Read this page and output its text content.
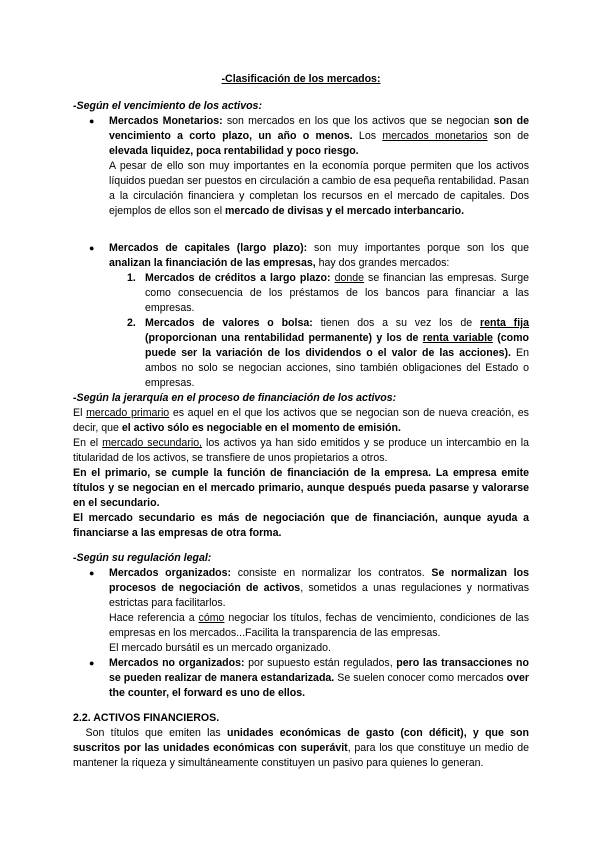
-Clasificación de los mercados:

-Según el vencimiento de los activos:

● Mercados Monetarios: son mercados en los que los activos que se negocian son de vencimiento a corto plazo, un año o menos. Los mercados monetarios son de elevada liquidez, poca rentabilidad y poco riesgo.

A pesar de ello son muy importantes en la economía porque permiten que los activos líquidos puedan ser puestos en circulación a cambio de esa pequeña rentabilidad. Pasan a la circulación financiera y completan los recursos en el mercado de capitales. Dos ejemplos de ellos son el mercado de divisas y el mercado interbancario.

● Mercados de capitales (largo plazo): son muy importantes porque son los que analizan la financiación de las empresas, hay dos grandes mercados:

1. Mercados de créditos a largo plazo: donde se financian las empresas. Surge como consecuencia de los préstamos de los bancos para financiar a las empresas.

2. Mercados de valores o bolsa: tienen dos a su vez los de renta fija (proporcionan una rentabilidad permanente) y los de renta variable (como puede ser la variación de los dividendos o el valor de las acciones). En ambos no solo se negocian acciones, sino también obligaciones del Estado o empresas.

-Según la jerarquía en el proceso de financiación de los activos:

El mercado primario es aquel en el que los activos que se negocian son de nueva creación, es decir, que el activo sólo es negociable en el momento de emisión.

En el mercado secundario, los activos ya han sido emitidos y se produce un intercambio en la titularidad de los activos, se transfiere de unos propietarios a otros.

En el primario, se cumple la función de financiación de la empresa. La empresa emite títulos y se negocian en el mercado primario, aunque después pueda pasarse y valorarse en el secundario.

El mercado secundario es más de negociación que de financiación, aunque ayuda a financiarse a las empresas de otra forma.

-Según su regulación legal:

● Mercados organizados: consiste en normalizar los contratos. Se normalizan los procesos de negociación de activos, sometidos a unas regulaciones y normativas estrictas para facilitarlos.

Hace referencia a cómo negociar los títulos, fechas de vencimiento, condiciones de las empresas en los mercados...Facilita la transparencia de las empresas.

El mercado bursátil es un mercado organizado.

● Mercados no organizados: por supuesto están regulados, pero las transacciones no se pueden realizar de manera estandarizada. Se suelen conocer como mercados over the counter, el forward es uno de ellos.

2.2. ACTIVOS FINANCIEROS.

Son títulos que emiten las unidades económicas de gasto (con déficit), y que son suscritos por las unidades económicas con superávit, para los que constituye un medio de mantener la riqueza y simultáneamente constituyen un pasivo para quienes lo generan.
